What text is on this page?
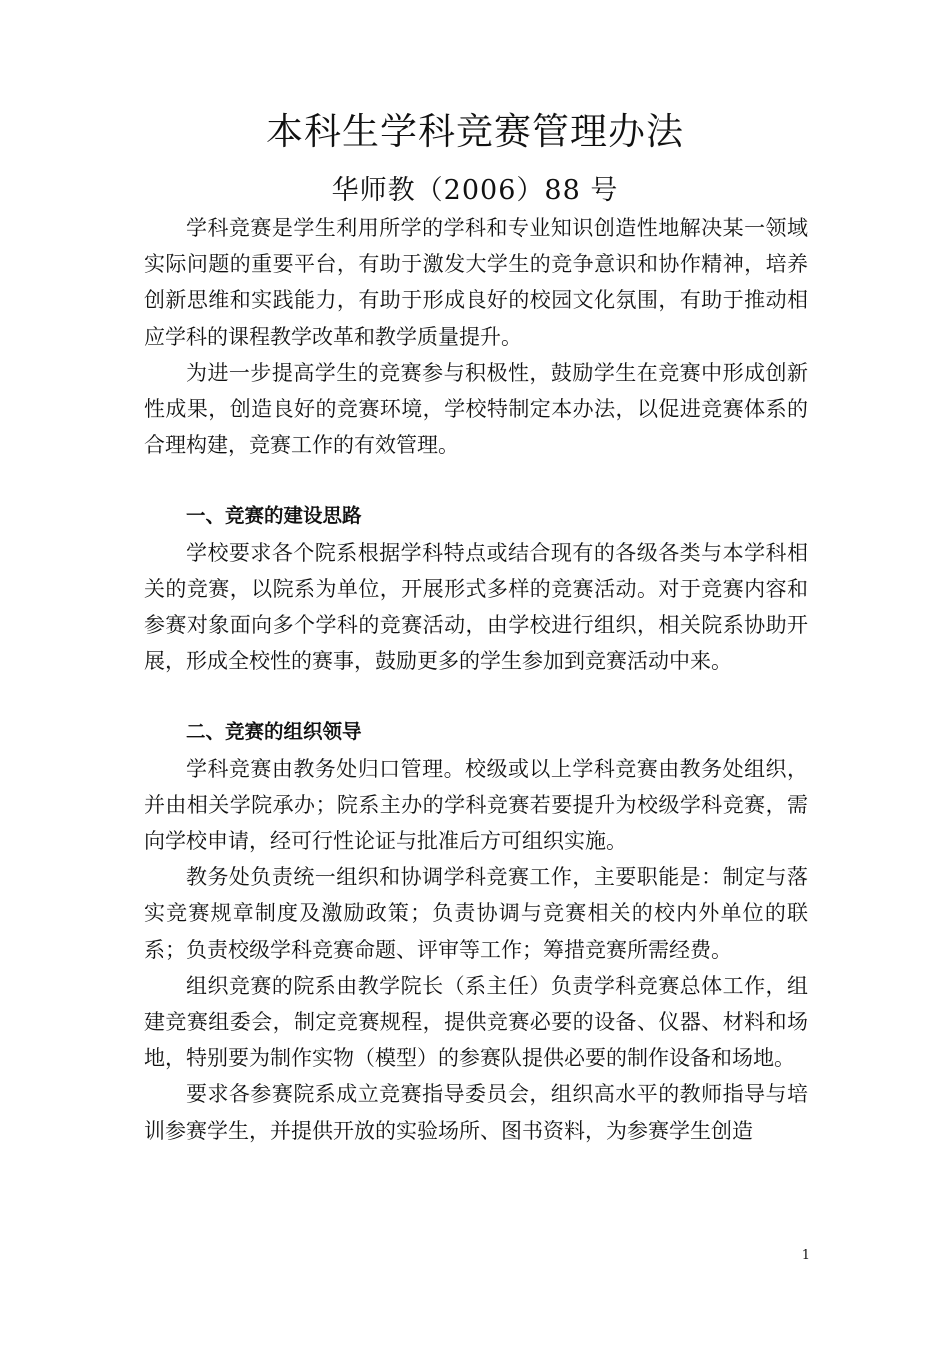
本科生学科竞赛管理办法
华师教（2006）88 号

学科竞赛是学生利用所学的学科和专业知识创造性地解决某一领域实际问题的重要平台，有助于激发大学生的竞争意识和协作精神，培养创新思维和实践能力，有助于形成良好的校园文化氛围，有助于推动相应学科的课程教学改革和教学质量提升。

为进一步提高学生的竞赛参与积极性，鼓励学生在竞赛中形成创新性成果，创造良好的竞赛环境，学校特制定本办法，以促进竞赛体系的合理构建，竞赛工作的有效管理。

一、竞赛的建设思路

学校要求各个院系根据学科特点或结合现有的各级各类与本学科相关的竞赛，以院系为单位，开展形式多样的竞赛活动。对于竞赛内容和参赛对象面向多个学科的竞赛活动，由学校进行组织，相关院系协助开展，形成全校性的赛事，鼓励更多的学生参加到竞赛活动中来。

二、竞赛的组织领导

学科竞赛由教务处归口管理。校级或以上学科竞赛由教务处组织，并由相关学院承办；院系主办的学科竞赛若要提升为校级学科竞赛，需向学校申请，经可行性论证与批准后方可组织实施。

教务处负责统一组织和协调学科竞赛工作，主要职能是：制定与落实竞赛规章制度及激励政策；负责协调与竞赛相关的校内外单位的联系；负责校级学科竞赛命题、评审等工作；筹措竞赛所需经费。

组织竞赛的院系由教学院长（系主任）负责学科竞赛总体工作，组建竞赛组委会，制定竞赛规程，提供竞赛必要的设备、仪器、材料和场地，特别要为制作实物（模型）的参赛队提供必要的制作设备和场地。

要求各参赛院系成立竞赛指导委员会，组织高水平的教师指导与培训参赛学生，并提供开放的实验场所、图书资料，为参赛学生创造

1
